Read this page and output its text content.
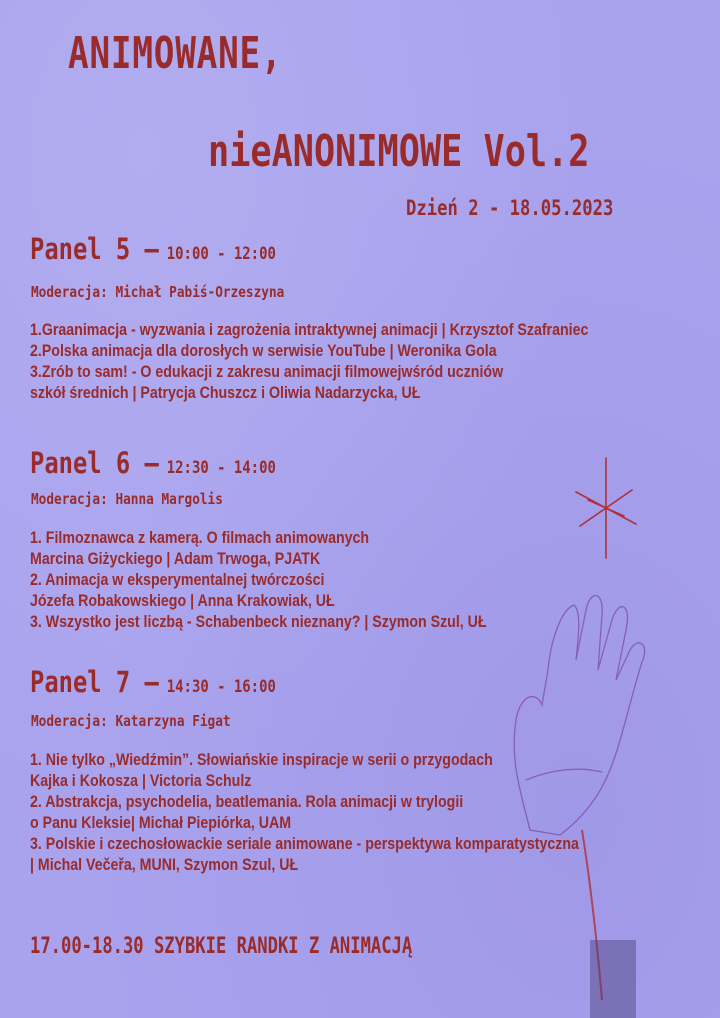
ANIMOWANE,
nieANONIMOWE Vol.2
Dzień 2 - 18.05.2023
Panel 5 – 10:00 - 12:00
Moderacja: Michał Pabiś-Orzeszyna
1.Graanimacja - wyzwania i zagrożenia intraktywnej animacji | Krzysztof Szafraniec
2.Polska animacja dla dorosłych w serwisie YouTube | Weronika Gola
3.Zrób to sam! - O edukacji z zakresu animacji filmowejwśród uczniów
szkół średnich | Patrycja Chuszcz i Oliwia Nadarzycka, UŁ
Panel 6 – 12:30 - 14:00
Moderacja: Hanna Margolis
1. Filmoznawca z kamerą. O filmach animowanych
Marcina Giżyckiego | Adam Trwoga, PJATK
2. Animacja w eksperymentalnej twórczości
Józefa Robakowskiego | Anna Krakowiak, UŁ
3. Wszystko jest liczbą - Schabenbeck nieznany? | Szymon Szul, UŁ
Panel 7 – 14:30 - 16:00
Moderacja: Katarzyna Figat
1. Nie tylko „Wiedźmin”. Słowiańskie inspiracje w serii o przygodach
Kajka i Kokosza | Victoria Schulz
2. Abstrakcja, psychodelia, beatlemania. Rola animacji w trylogii
o Panu Kleksie| Michał Piepiórka, UAM
3. Polskie i czechosłowackie seriale animowane - perspektywa komparatystyczna
| Michal Večeřa, MUNI, Szymon Szul, UŁ
17.00-18.30 SZYBKIE RANDKI Z ANIMACJĄ
